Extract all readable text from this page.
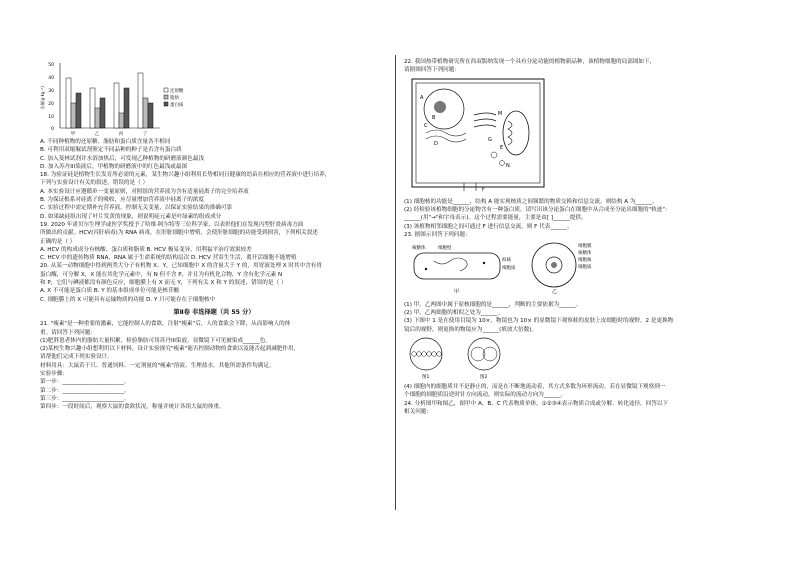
50
40
30
20
10
0
含量(g·kg⁻¹)
甲	乙	丙	丁
还原糖
脂肪
蛋白质
A. 不同种植物的还原糖、脂肪和蛋白质含量各不相同
B. 可利用双缩脲试剂鉴定不同品种的种子是否含有蛋白质
C. 加入斐林试剂并水浴加热后，可发现乙种植物的研磨液颜色最浅
D. 加入苏丹III染液后，甲植物的研磨液中的红色最浅或最深
18. 为验证硅是植物生长发育所必需的元素，某生物兴趣小组利用长势相同且健康的幼苗在相应的营养液中进行培养，
下列与实验设计有关的叙述，错误的是（ ）
A. 本实验设计应遵循单一变量原则，对照组的营养液为含有适量硅离子的完全培养液
B. 为保证根系对硅离子的吸收，应尽量增加营养液中硅离子的浓度
C. 实验过程中需定期补充营养液，控制无关变量，以保证实验结果的准确可靠
D. 如果缺硅组出现了叶片发黄的现象，则说明硅元素是叶绿素的组成成分
19. 2020 年诺贝尔生理学或医学奖授予了哈维·阿尔特等三位科学家，以表彰他们在发现丙型肝炎病毒方面
所做出的贡献。HCV(丙肝病毒)为 RNA 病毒，在肝脏细胞中增殖，会使肝脏细胞的功能受到损害，下列相关叙述
正确的是（ ）
A. HCV 的构成成分有核酸、蛋白质和脂质 B. HCV 极易变异，用利福平治疗效果较差
C. HCV 中的遗传物质 RNA，RNA 属于生命系统的结构层次 D. HCV 营寄生生活，离开活细胞不能增殖
20. 从某一动物细胞中得到两类大分子有机物 X、Y，已知细胞中 X 的含量大于 Y 的，用胃液处理 X 时其中含有胃
蛋白酶，可分解 X，X 能在其化学元素中，有 N 但不含 P，并且为有机化合物，Y 含有化学元素 N
和 P，它们与碘液都没有颜色反应，细胞膜上有 X 而无 Y，下列有关 X 和 Y 的叙述，错误的是（ ）
A. X 不可能是蛋白质 B. Y 的基本组成单位可能是核苷酸
C. 细胞膜上的 X 可能具有运输物质的功能 D. Y 只可能存在于细胞核中
第Ⅱ卷 非选择题（共 55 分）
21. "瘦素"是一种重要的激素，它能控制人的食欲，注射"瘦素"后，人的食欲会下降，从而影响人的体
重。请回答下列问题：
(1)肥胖患者体内的脂肪大量积累，检验脂肪可用苏丹III染液，显微镜下可见被染成______色。
(2)某校生物兴趣小组想利用以下材料，设计实验探究"瘦素"能否控制动物的食欲以及能否起到减肥作用，
请帮他们完成下列实验设计。
材料用具：大鼠若干只、普通饲料、一定剂量的"瘦素"溶液、生理盐水，其他所需条件均满足。
实验步骤：
第一步：______________________。
第二步：______________________。
第三步：______________________。
第四步：一段时间后，观察大鼠的食欲状况，称量并统计各组大鼠的体重。
22. 我国热带植物研究所在西双版纳发现一个具有分泌功能的植物新品种，该植物细胞的局部图如下，
请据图回答下列问题：
A
B
C
D
E
F
G
M
N
(1) 细胞核的功能是______，结构 A 能实现核质之间频繁的物质交换和信息交流，则结构 A 为______。
(2) 经检验该植物细胞的分泌物含有一种蛋白质，请写出该分泌蛋白在细胞中从合成至分泌出细胞的"轨迹"：
______(用"→"和字母表示)。这个过程需要能量，主要是由[ ]______提供。
(3) 该植物相邻细胞之间可通过 F 进行信息交流，则 F 代表______。
23. 据图示回答下列问题：
核糖体	细胞壁
拟核
细胞质
甲
细胞膜
核糖体
细胞核
细胞质
乙
(1) 甲、乙两图中属于原核细胞的是______，判断的主要依据为______。
(2) 甲、乙两细胞的相似之处为______。
(3) 下图中 1 是在使用目镜为 10×，物镜也为 10× 的显微镜下观察蛙的皮肤上皮细胞时的视野，2 是更换物
镜后的视野，则更换的物镜应为______(填放大倍数)。
图1	图2
(4) 细胞内的细胞质并不是静止的，而是在不断地流动着，其方式多数为环形流动。若在显微镜下观察到一
个细胞的细胞质沿逆时针方向流动，则实际的流动方向为______。
24. 分析图甲和图乙，图甲中 A、B、C 代表物质单体，①②③④表示物质合成或分解、转化途径，回答以下
相关问题：
